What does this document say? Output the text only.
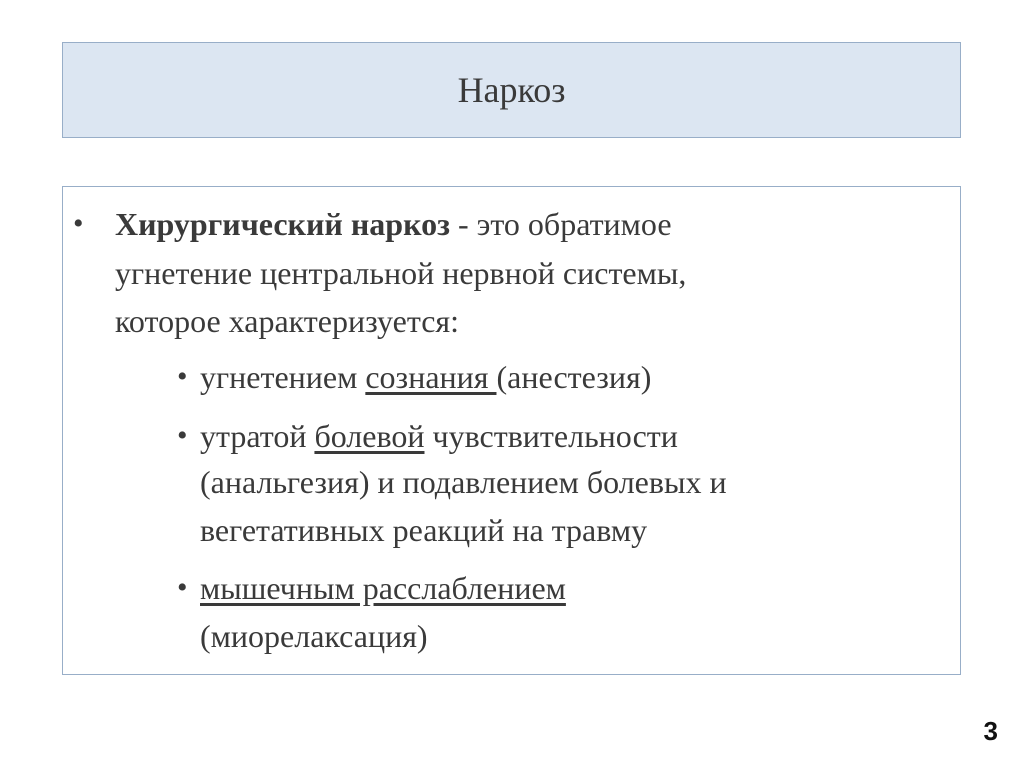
Наркоз
• Хирургический наркоз - это обратимое
угнетение центральной нервной системы,
которое характеризуется:
• угнетением сознания (анестезия)
• утратой болевой чувствительности
(анальгезия) и подавлением болевых и
вегетативных реакций на травму
• мышечным расслаблением
(миорелаксация)
3
